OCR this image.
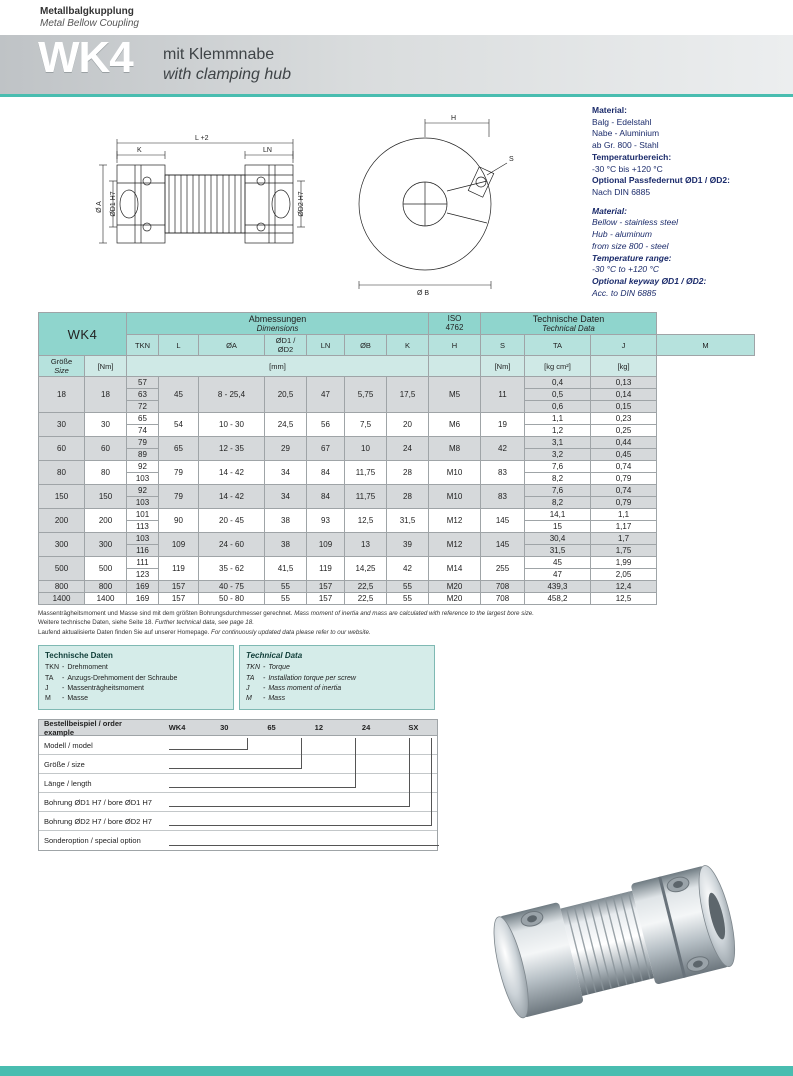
Metallbalgkupplung
Metal Bellow Coupling
WK4 mit Klemmnabe
with clamping hub
L +2
K	LN
H
S
Ø B
Ø A ØD1 H7	ØD2 H7
Material:
Balg - Edelstahl
Nabe - Aluminium
ab Gr. 800 - Stahl
Temperaturbereich:
-30 °C bis +120 °C
Optional Passfedernut ØD1 / ØD2:
Nach DIN 6885
Material:
Bellow - stainless steel
Hub - aluminum
from size 800 - steel
Temperature range:
-30 °C to +120 °C
Optional keyway ØD1 / ØD2:
Acc. to DIN 6885
WK4	
Abmessungen
Dimensions

ISO
4762

Technische Daten
Technical Data

		TKN	L	ØA	ØD1 / ØD2	LN	ØB	K	H	S	TA	J	M

Größe
Size	[Nm]	[mm]								[Nm]	[kg cm²]	[kg]	
18	18	57	45	8 - 25,4	20,5	47	5,75	17,5	M5	11	0,4	0,13	
		63									0,5	0,14	
		72									0,6	0,15	
30	30	65	54	10 - 30	24,5	56	7,5	20	M6	19	1,1	0,23	
		74									1,2	0,25	
60	60	79	65	12 - 35	29	67	10	24	M8	42	3,1	0,44	
		89									3,2	0,45	
80	80	92	79	14 - 42	34	84	11,75	28	M10	83	7,6	0,74	
		103									8,2	0,79	
150	150	92	79	14 - 42	34	84	11,75	28	M10	83	7,6	0,74	
		103									8,2	0,79	
200	200	101	90	20 - 45	38	93	12,5	31,5	M12	145	14,1	1,1	
		113									15	1,17	
300	300	103	109	24 - 60	38	109	13	39	M12	145	30,4	1,7	
		116									31,5	1,75	
500	500	111	119	35 - 62	41,5	119	14,25	42	M14	255	45	1,99	
		123									47	2,05	
800	800	169	157	40 - 75	55	157	22,5	55	M20	708	439,3	12,4	
1400	1400	169	157	50 - 80	55	157	22,5	55	M20	708	458,2	12,5	
Massenträgheitsmoment und Masse sind mit dem größten Bohrungsdurchmesser gerechnet. Mass moment of inertia and mass are calculated with reference to the largest bore size.
Weitere technische Daten, siehe Seite 18. Further technical data, see page 18.
Laufend aktualisierte Daten finden Sie auf unserer Homepage. For continuously updated data please refer to our website.
Technische Daten
TKN	-	Drehmoment
TA	-	Anzugs-Drehmoment der Schraube
J	-	Massenträgheitsmoment
M	-	Masse
Technical Data
TKN	-	Torque
TA	-	Installation torque per screw
J	-	Mass moment of inertia
M	-	Mass
Bestellbeispiel / order example	WK4	30	65	12	24	SX
Modell / model
Größe / size
Länge / length
Bohrung ØD1 H7 / bore ØD1 H7
Bohrung ØD2 H7 / bore ØD2 H7
Sonderoption / special option
